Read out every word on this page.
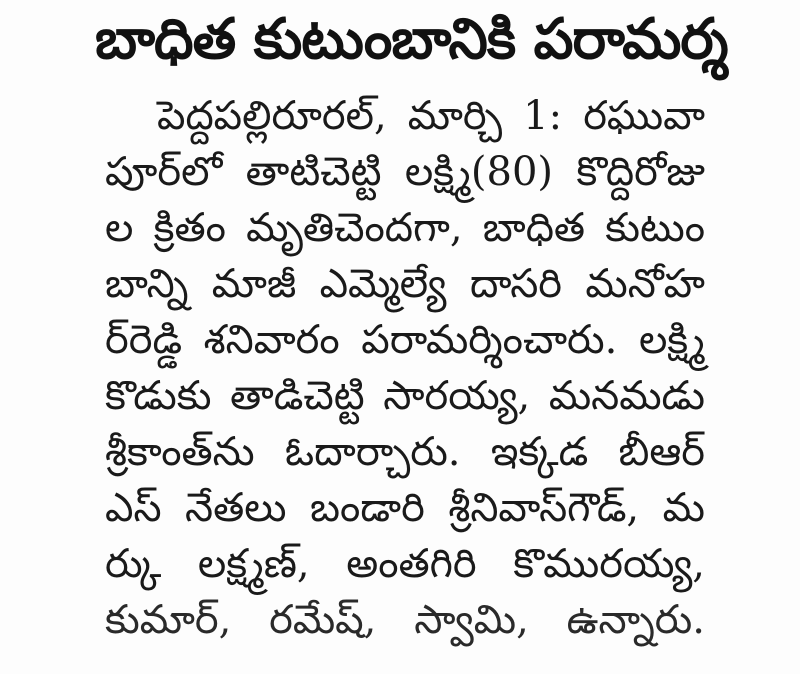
బాధిత కుటుంబానికి పరామర్శ
పెద్దపల్లిరూరల్, మార్చి 1: రఘువా
పూర్‌లో తాటిచెట్టి లక్ష్మి(80) కొద్దిరోజు
ల క్రితం మృతిచెందగా, బాధిత కుటుం
బాన్ని మాజీ ఎమ్మెల్యే దాసరి మనోహ
ర్‌రెడ్డి శనివారం పరామర్శించారు. లక్ష్మి
కొడుకు తాడిచెట్టి సారయ్య, మనమడు
శ్రీకాంత్‌ను ఓదార్చారు. ఇక్కడ బీఆర్
ఎస్ నేతలు బండారి శ్రీనివాస్‌గౌడ్, మ
ర్కు లక్ష్మణ్, అంతగిరి కొమురయ్య,
కుమార్, రమేష్, స్వామి, ఉన్నారు.
